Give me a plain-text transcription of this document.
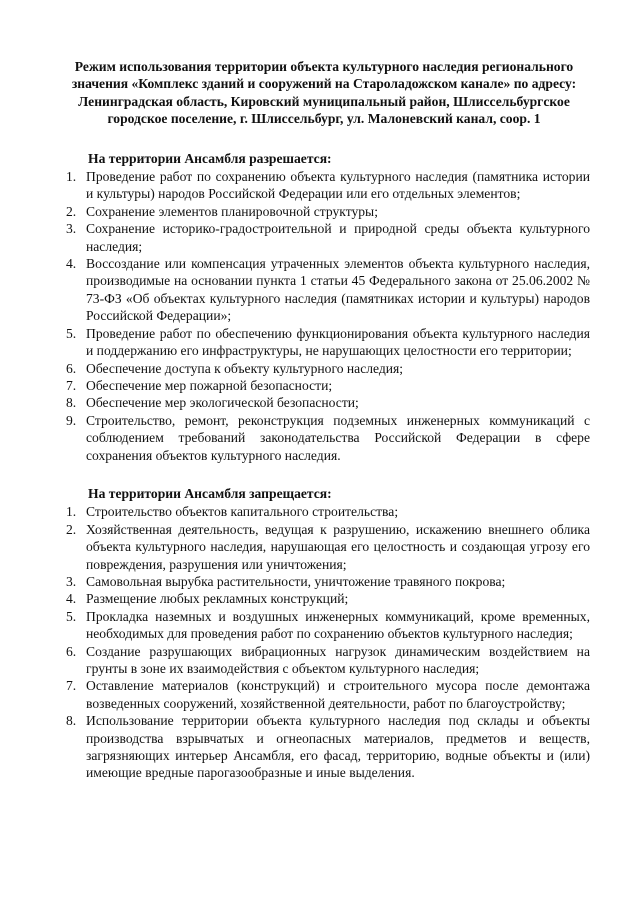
Режим использования территории объекта культурного наследия регионального значения «Комплекс зданий и сооружений на Староладожском канале» по адресу: Ленинградская область, Кировский муниципальный район, Шлиссельбургское городское поселение, г. Шлиссельбург, ул. Малоневский канал, соор. 1
На территории Ансамбля разрешается:
1. Проведение работ по сохранению объекта культурного наследия (памятника истории и культуры) народов Российской Федерации или его отдельных элементов;
2. Сохранение элементов планировочной структуры;
3. Сохранение историко-градостроительной и природной среды объекта культурного наследия;
4. Воссоздание или компенсация утраченных элементов объекта культурного наследия, производимые на основании пункта 1 статьи 45 Федерального закона от 25.06.2002 № 73-ФЗ «Об объектах культурного наследия (памятниках истории и культуры) народов Российской Федерации»;
5. Проведение работ по обеспечению функционирования объекта культурного наследия и поддержанию его инфраструктуры, не нарушающих целостности его территории;
6. Обеспечение доступа к объекту культурного наследия;
7. Обеспечение мер пожарной безопасности;
8. Обеспечение мер экологической безопасности;
9. Строительство, ремонт, реконструкция подземных инженерных коммуникаций с соблюдением требований законодательства Российской Федерации в сфере сохранения объектов культурного наследия.
На территории Ансамбля запрещается:
1. Строительство объектов капитального строительства;
2. Хозяйственная деятельность, ведущая к разрушению, искажению внешнего облика объекта культурного наследия, нарушающая его целостность и создающая угрозу его повреждения, разрушения или уничтожения;
3. Самовольная вырубка растительности, уничтожение травяного покрова;
4. Размещение любых рекламных конструкций;
5. Прокладка наземных и воздушных инженерных коммуникаций, кроме временных, необходимых для проведения работ по сохранению объектов культурного наследия;
6. Создание разрушающих вибрационных нагрузок динамическим воздействием на грунты в зоне их взаимодействия с объектом культурного наследия;
7. Оставление материалов (конструкций) и строительного мусора после демонтажа возведенных сооружений, хозяйственной деятельности, работ по благоустройству;
8. Использование территории объекта культурного наследия под склады и объекты производства взрывчатых и огнеопасных материалов, предметов и веществ, загрязняющих интерьер Ансамбля, его фасад, территорию, водные объекты и (или) имеющие вредные парогазообразные и иные выделения.
